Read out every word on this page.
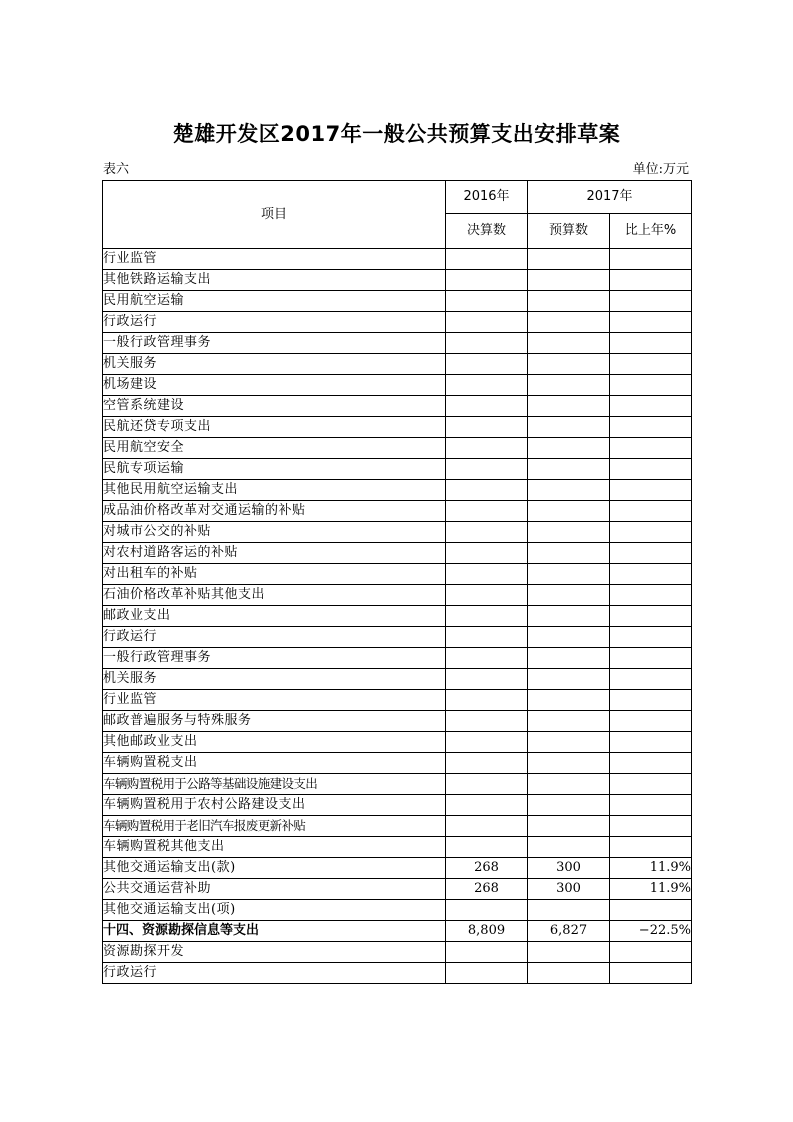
楚雄开发区2017年一般公共预算支出安排草案
表六	单位:万元
项目	2016年	2017年	
	决算数	预算数	比上年%
行业监管			
其他铁路运输支出			
民用航空运输			
行政运行			
一般行政管理事务			
机关服务			
机场建设			
空管系统建设			
民航还贷专项支出			
民用航空安全			
民航专项运输			
其他民用航空运输支出			
成品油价格改革对交通运输的补贴			
对城市公交的补贴			
对农村道路客运的补贴			
对出租车的补贴			
石油价格改革补贴其他支出			
邮政业支出			
行政运行			
一般行政管理事务			
机关服务			
行业监管			
邮政普遍服务与特殊服务			
其他邮政业支出			
车辆购置税支出			
车辆购置税用于公路等基础设施建设支出			
车辆购置税用于农村公路建设支出			
车辆购置税用于老旧汽车报废更新补贴			
车辆购置税其他支出			
其他交通运输支出(款)	268	300	11.9%
公共交通运营补助	268	300	11.9%
其他交通运输支出(项)			
十四、资源勘探信息等支出	8,809	6,827	−22.5%
资源勘探开发			
行政运行			
